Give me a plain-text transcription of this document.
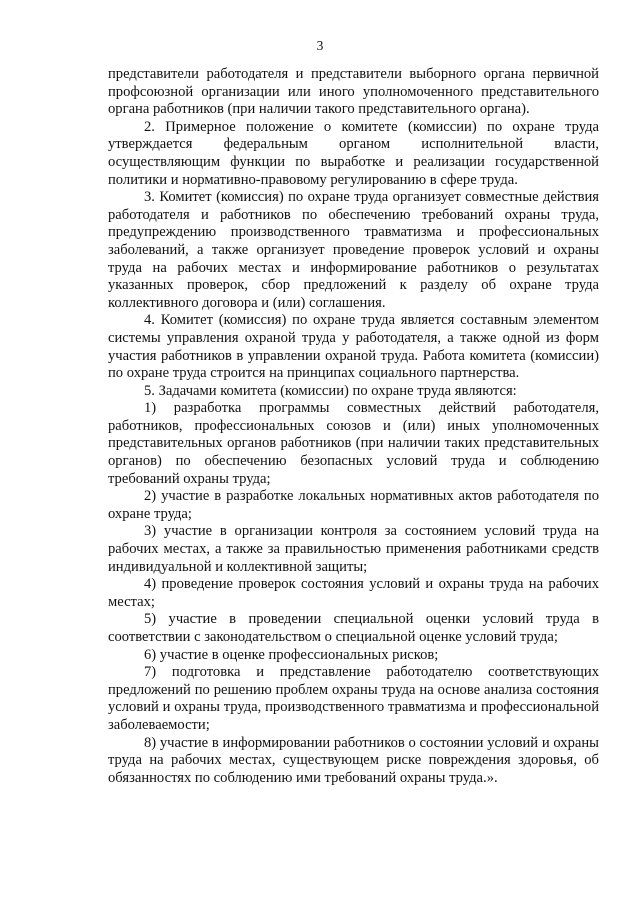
3

представители работодателя и представители выборного органа первичной профсоюзной организации или иного уполномоченного представительного органа работников (при наличии такого представительного органа).

2. Примерное положение о комитете (комиссии) по охране труда утверждается федеральным органом исполнительной власти, осуществляющим функции по выработке и реализации государственной политики и нормативно-правовому регулированию в сфере труда.

3. Комитет (комиссия) по охране труда организует совместные действия работодателя и работников по обеспечению требований охраны труда, предупреждению производственного травматизма и профессиональных заболеваний, а также организует проведение проверок условий и охраны труда на рабочих местах и информирование работников о результатах указанных проверок, сбор предложений к разделу об охране труда коллективного договора и (или) соглашения.

4. Комитет (комиссия) по охране труда является составным элементом системы управления охраной труда у работодателя, а также одной из форм участия работников в управлении охраной труда. Работа комитета (комиссии) по охране труда строится на принципах социального партнерства.

5. Задачами комитета (комиссии) по охране труда являются:

1) разработка программы совместных действий работодателя, работников, профессиональных союзов и (или) иных уполномоченных представительных органов работников (при наличии таких представительных органов) по обеспечению безопасных условий труда и соблюдению требований охраны труда;

2) участие в разработке локальных нормативных актов работодателя по охране труда;

3) участие в организации контроля за состоянием условий труда на рабочих местах, а также за правильностью применения работниками средств индивидуальной и коллективной защиты;

4) проведение проверок состояния условий и охраны труда на рабочих местах;

5) участие в проведении специальной оценки условий труда в соответствии с законодательством о специальной оценке условий труда;

6) участие в оценке профессиональных рисков;

7) подготовка и представление работодателю соответствующих предложений по решению проблем охраны труда на основе анализа состояния условий и охраны труда, производственного травматизма и профессиональной заболеваемости;

8) участие в информировании работников о состоянии условий и охраны труда на рабочих местах, существующем риске повреждения здоровья, об обязанностях по соблюдению ими требований охраны труда.».
